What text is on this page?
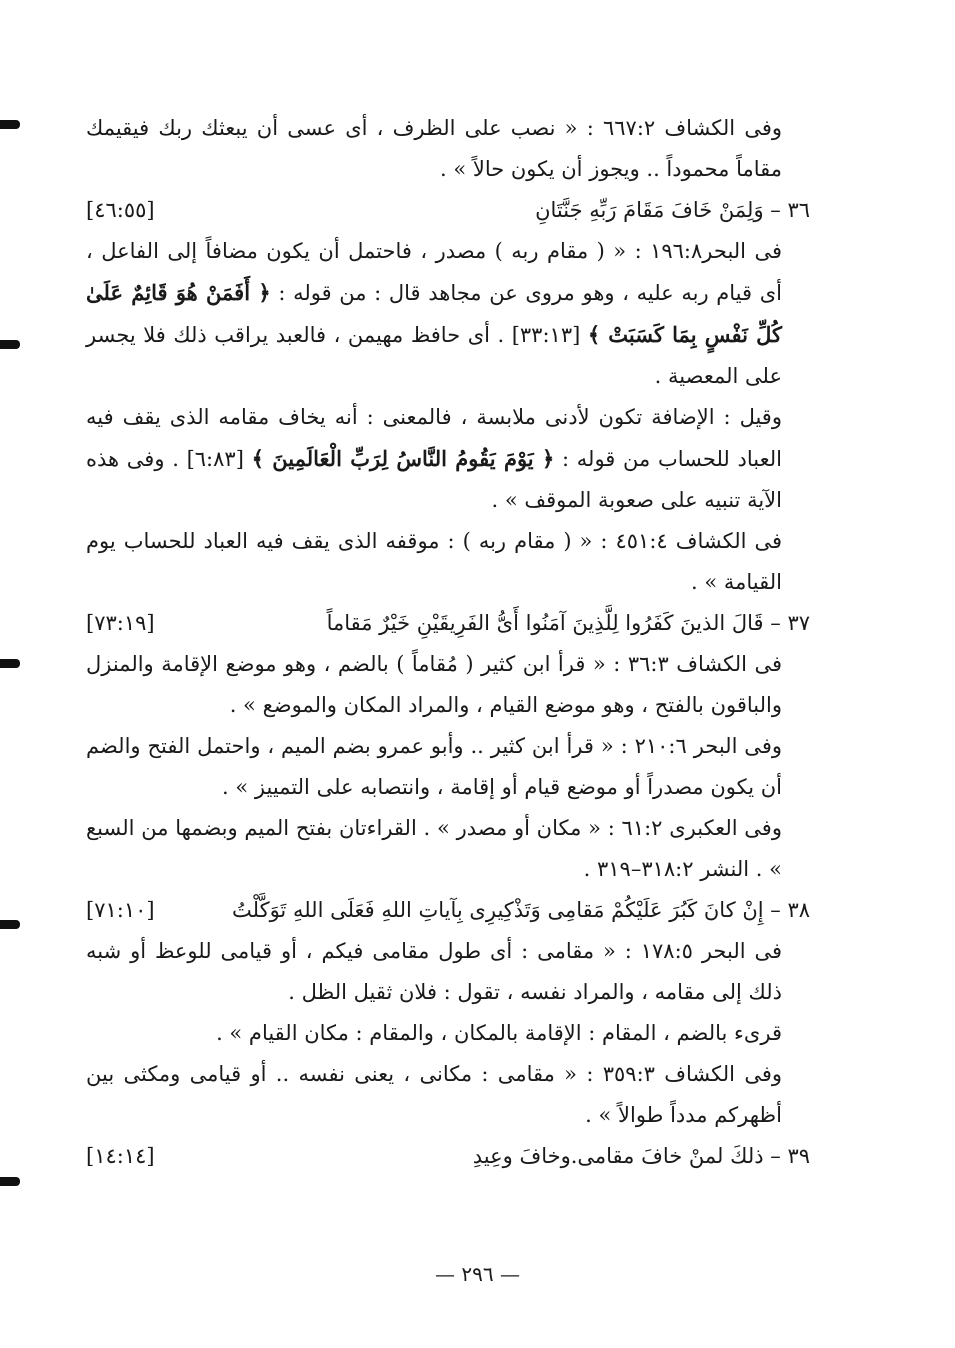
وفى الكشاف ٦٦٧:٢ : « نصب على الظرف ، أى عسى أن يبعثك ربك فيقيمك مقاماً محموداً .. ويجوز أن يكون حالاً » .

٣٦ – وَلِمَنْ خَافَ مَقَامَ رَبِّهِ جَنَّتَانِ
[٤٦:٥٥]

فى البحر١٩٦:٨ : « ( مقام ربه ) مصدر ، فاحتمل أن يكون مضافاً إلى الفاعل ، أى قيام ربه عليه ، وهو مروى عن مجاهد قال : من قوله : ﴿ أَفَمَنْ هُوَ قَائِمٌ عَلَىٰ كُلِّ نَفْسٍ بِمَا كَسَبَتْ ﴾ [٣٣:١٣] . أى حافظ مهيمن ، فالعبد يراقب ذلك فلا يجسر على المعصية .

وقيل : الإضافة تكون لأدنى ملابسة ، فالمعنى : أنه يخاف مقامه الذى يقف فيه العباد للحساب من قوله : ﴿ يَوْمَ يَقُومُ النَّاسُ لِرَبِّ الْعَالَمِينَ ﴾ [٦:٨٣] . وفى هذه الآية تنبيه على صعوبة الموقف » .

فى الكشاف ٤٥١:٤ : « ( مقام ربه ) : موقفه الذى يقف فيه العباد للحساب يوم القيامة » .

٣٧ – قَالَ الذينَ كَفَرُوا لِلَّذِينَ آمَنُوا أَىُّ الفَرِيقَيْنِ خَيْرٌ مَقاماً
[٧٣:١٩]

فى الكشاف ٣٦:٣ : « قرأ ابن كثير ( مُقاماً ) بالضم ، وهو موضع الإقامة والمنزل والباقون بالفتح ، وهو موضع القيام ، والمراد المكان والموضع » .

وفى البحر ٢١٠:٦ : « قرأ ابن كثير .. وأبو عمرو بضم الميم ، واحتمل الفتح والضم أن يكون مصدراً أو موضع قيام أو إقامة ، وانتصابه على التمييز » .

وفى العكبرى ٦١:٢ : « مكان أو مصدر » . القراءتان بفتح الميم وبضمها من السبع » . النشر ٣١٨:٢–٣١٩ .

٣٨ – إِنْ كانَ كَبُرَ عَلَيْكُمْ مَقامِى وَتَذْكِيرِى بِآياتِ اللهِ فَعَلَى اللهِ تَوَكَّلْتُ
[٧١:١٠]

فى البحر ١٧٨:٥ : « مقامى : أى طول مقامى فيكم ، أو قيامى للوعظ أو شبه ذلك إلى مقامه ، والمراد نفسه ، تقول : فلان ثقيل الظل .

قرىء بالضم ، المقام : الإقامة بالمكان ، والمقام : مكان القيام » .

وفى الكشاف ٣٥٩:٣ : « مقامى : مكانى ، يعنى نفسه .. أو قيامى ومكثى بين أظهركم مدداً طوالاً » .

٣٩ – ذلكَ لمنْ خافَ مقامى.وخافَ وعِيدِ
[١٤:١٤]
— ٢٩٦ —
